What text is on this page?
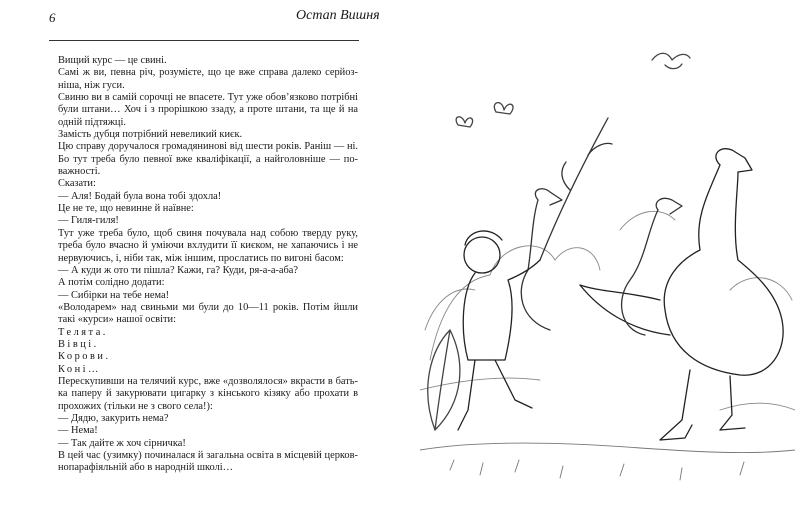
6	Остап Вишня

Вищий курс — це свині.

Самі ж ви, певна річ, розумієте, що це вже справа далеко серйозніша, ніж гуси.

Свиню ви в самій сорочці не впасете. Тут уже обов’язково потрібні були штани… Хоч і з прорішкою ззаду, а проте штани, та ще й на одній підтяжці.

Замість дубця потрібний невеликий києк.

Цю справу доручалося громадянинові від шести років. Раніш — ні. Бо тут треба було певної вже кваліфікації, а найголовніше — поважності.

Сказати:

— Аля! Бодай була вона тобі здохла!

Це не те, що невинне й наївне:

— Гиля-гиля!

Тут уже треба було, щоб свиня почувала над собою тверду руку, треба було вчасно й уміючи вхлудити її києком, не хапаючись і не нервуючись, і, ніби так, між іншим, прослатись по вигоні басом:

— А куди ж ото ти пішла? Кажи, га? Куди, ря-а-а-аба?

А потім солідно додати:

— Сибірки на тебе нема!

«Володарем» над свиньми ми були до 10—11 років. Потім йшли такі «курси» нашої освіти:

Телята.

Вівці.

Корови.

Коні…

Перескупивши на телячий курс, вже «дозволялося» вкрасти в батька паперу й закурювати цигарку з кінського кізяку або прохати в прохожих (тільки не з свого села!):

— Дядю, закурить нема?

— Нема!

— Так дайте ж хоч сірничка!

В цей час (узимку) починалася й загальна освіта в місцевій церковнопарафіяльній або в народній школі…
